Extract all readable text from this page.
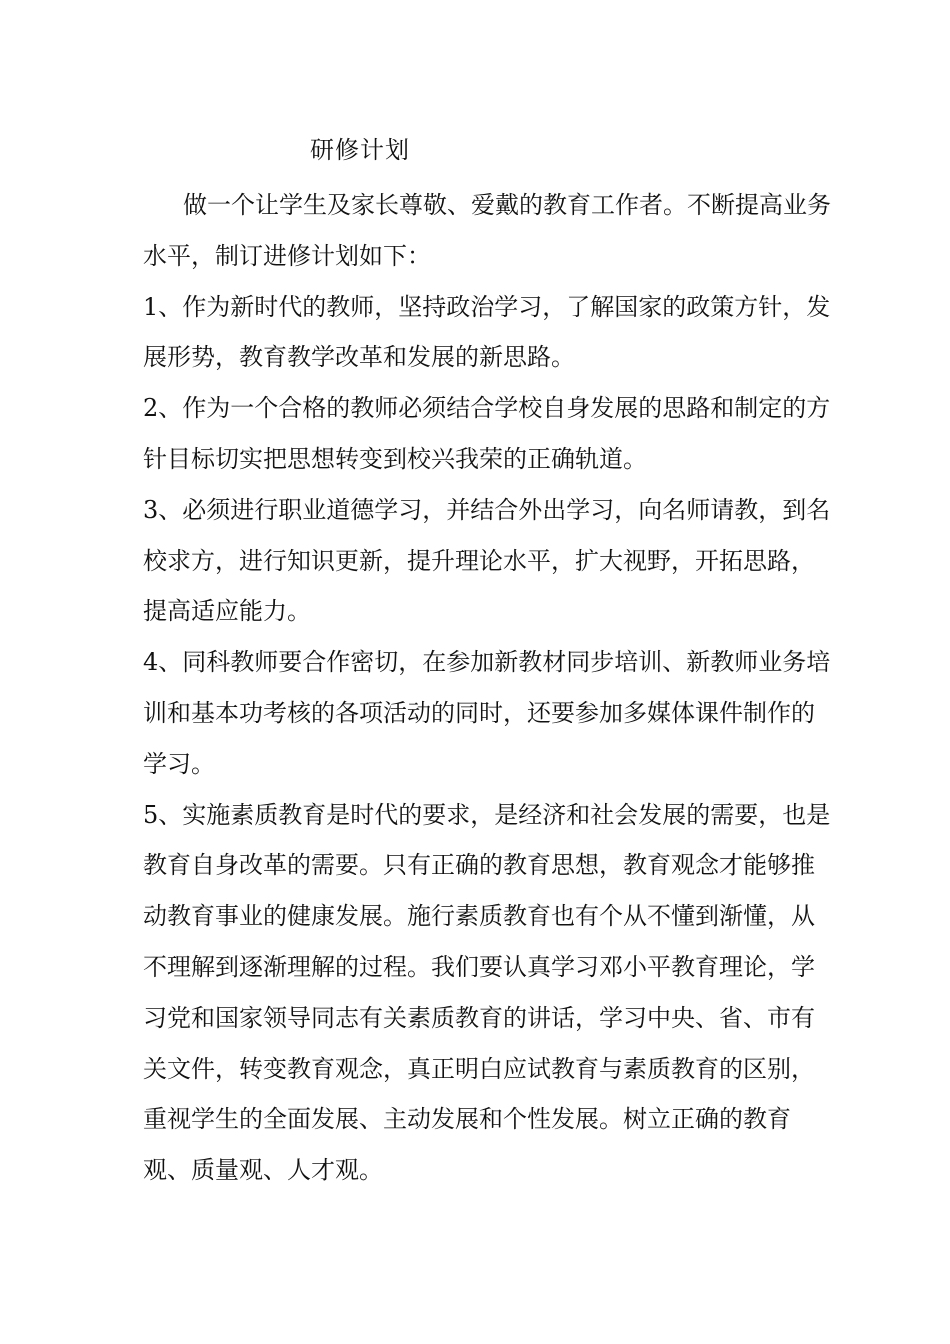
研修计划

做一个让学生及家长尊敬、爱戴的教育工作者。不断提高业务水平，制订进修计划如下：

1、作为新时代的教师，坚持政治学习，了解国家的政策方针，发展形势，教育教学改革和发展的新思路。

2、作为一个合格的教师必须结合学校自身发展的思路和制定的方针目标切实把思想转变到校兴我荣的正确轨道。

3、必须进行职业道德学习，并结合外出学习，向名师请教，到名校求方，进行知识更新，提升理论水平，扩大视野，开拓思路，提高适应能力。

4、同科教师要合作密切，在参加新教材同步培训、新教师业务培训和基本功考核的各项活动的同时，还要参加多媒体课件制作的学习。

5、实施素质教育是时代的要求，是经济和社会发展的需要，也是教育自身改革的需要。只有正确的教育思想，教育观念才能够推动教育事业的健康发展。施行素质教育也有个从不懂到渐懂，从不理解到逐渐理解的过程。我们要认真学习邓小平教育理论，学习党和国家领导同志有关素质教育的讲话，学习中央、省、市有关文件，转变教育观念，真正明白应试教育与素质教育的区别，重视学生的全面发展、主动发展和个性发展。树立正确的教育观、质量观、人才观。
